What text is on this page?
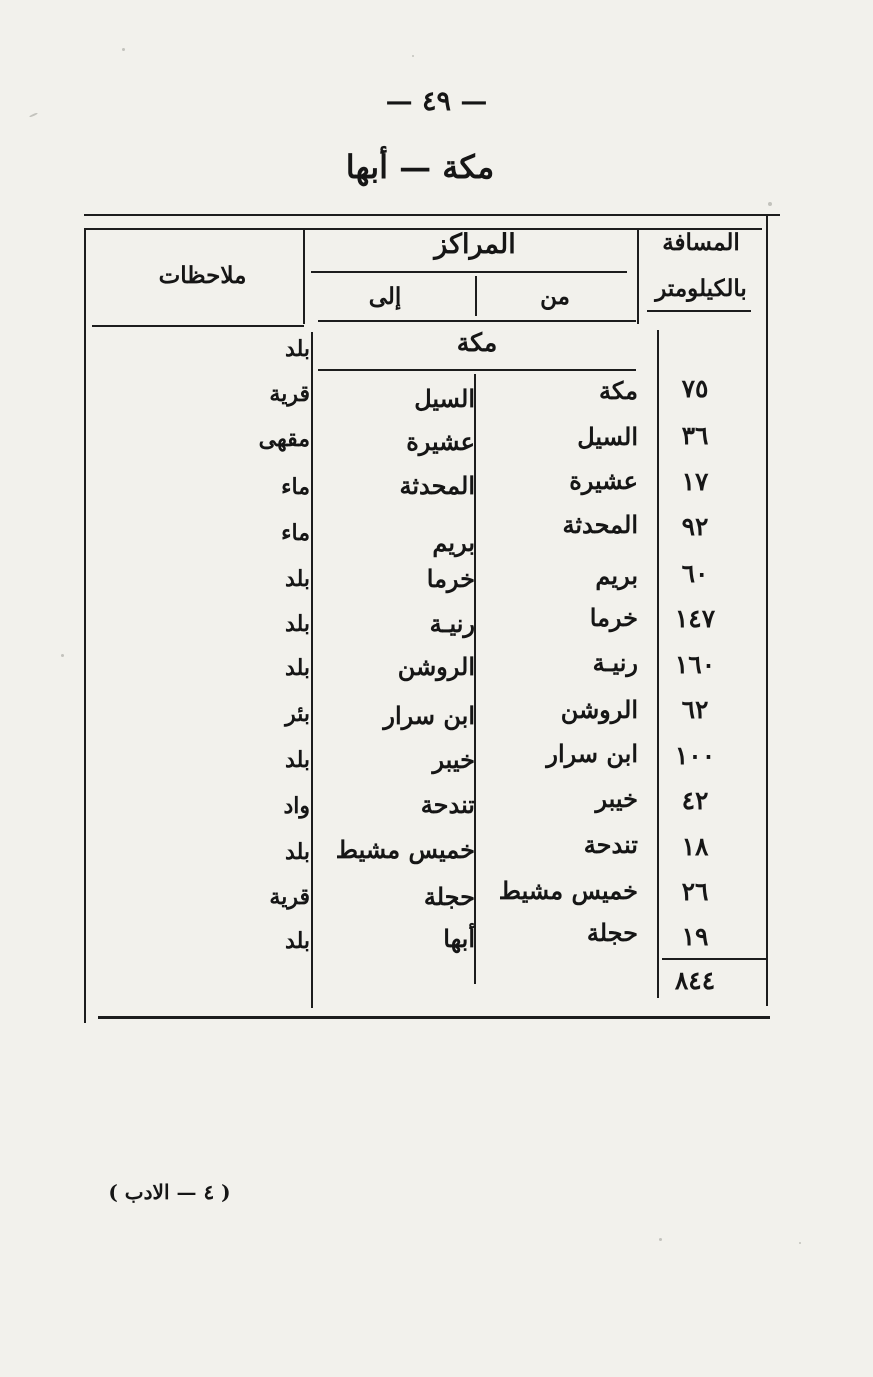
— ٤٩ —
مكة — أبها
المسافة
بالكيلومتر
المراكز
من
إلى
ملاحظات
مكة
بلد
٧٥
مكة
السيل
قرية
٣٦
السيل
عشيرة
مقهى
١٧
عشيرة
المحدثة
ماء
٩٢
المحدثة
بريم
ماء
٦٠
بريم
خرما
بلد
١٤٧
خرما
رنيـة
بلد
١٦٠
رنيـة
الروشن
بلد
٦٢
الروشن
ابن سرار
بئر
١٠٠
ابن سرار
خيبر
بلد
٤٢
خيبر
تندحة
واد
١٨
تندحة
خميس مشيط
بلد
٢٦
خميس مشيط
حجلة
قرية
١٩
حجلة
أبها
بلد
٨٤٤
( ٤ — الادب )
